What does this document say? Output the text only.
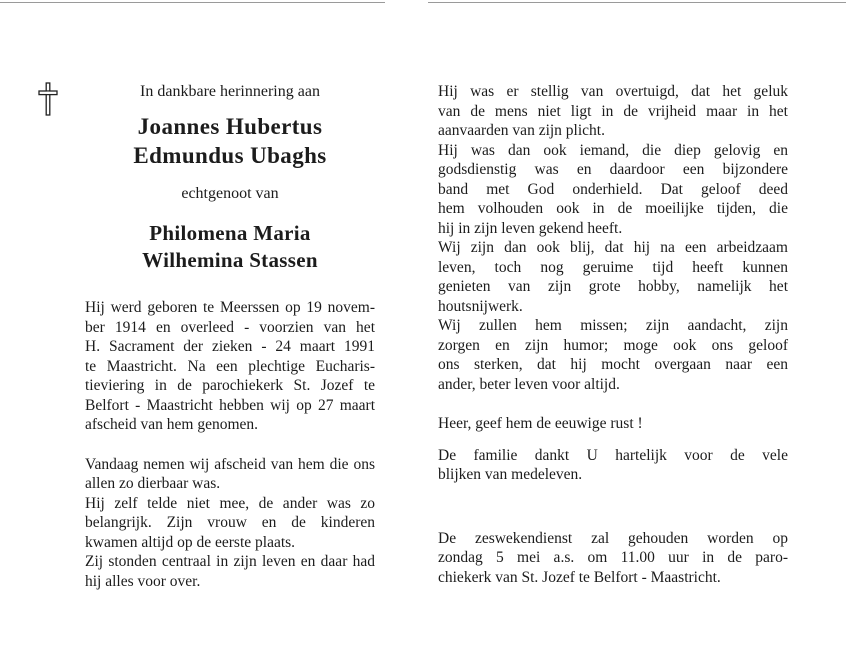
In dankbare herinnering aan

Joannes Hubertus

Edmundus Ubaghs

echtgenoot van

Philomena Maria

Wilhemina Stassen

Hij werd geboren te Meerssen op 19 novem-
ber 1914 en overleed - voorzien van het
H. Sacrament der zieken - 24 maart 1991
te Maastricht. Na een plechtige Eucharis-
tieviering in de parochiekerk St. Jozef te
Belfort - Maastricht hebben wij op 27 maart
afscheid van hem genomen.
Vandaag nemen wij afscheid van hem die ons
allen zo dierbaar was.
Hij zelf telde niet mee, de ander was zo
belangrijk. Zijn vrouw en de kinderen
kwamen altijd op de eerste plaats.
Zij stonden centraal in zijn leven en daar had
hij alles voor over.
Hij was er stellig van overtuigd, dat het geluk
van de mens niet ligt in de vrijheid maar in het
aanvaarden van zijn plicht.
Hij was dan ook iemand, die diep gelovig en
godsdienstig was en daardoor een bijzondere
band met God onderhield. Dat geloof deed
hem volhouden ook in de moeilijke tijden, die
hij in zijn leven gekend heeft.
Wij zijn dan ook blij, dat hij na een arbeidzaam
leven, toch nog geruime tijd heeft kunnen
genieten van zijn grote hobby, namelijk het
houtsnijwerk.
Wij zullen hem missen; zijn aandacht, zijn
zorgen en zijn humor; moge ook ons geloof
ons sterken, dat hij mocht overgaan naar een
ander, beter leven voor altijd.
Heer, geef hem de eeuwige rust !
De familie dankt U hartelijk voor de vele
blijken van medeleven.
De zeswekendienst zal gehouden worden op
zondag 5 mei a.s. om 11.00 uur in de paro-
chiekerk van St. Jozef te Belfort - Maastricht.
